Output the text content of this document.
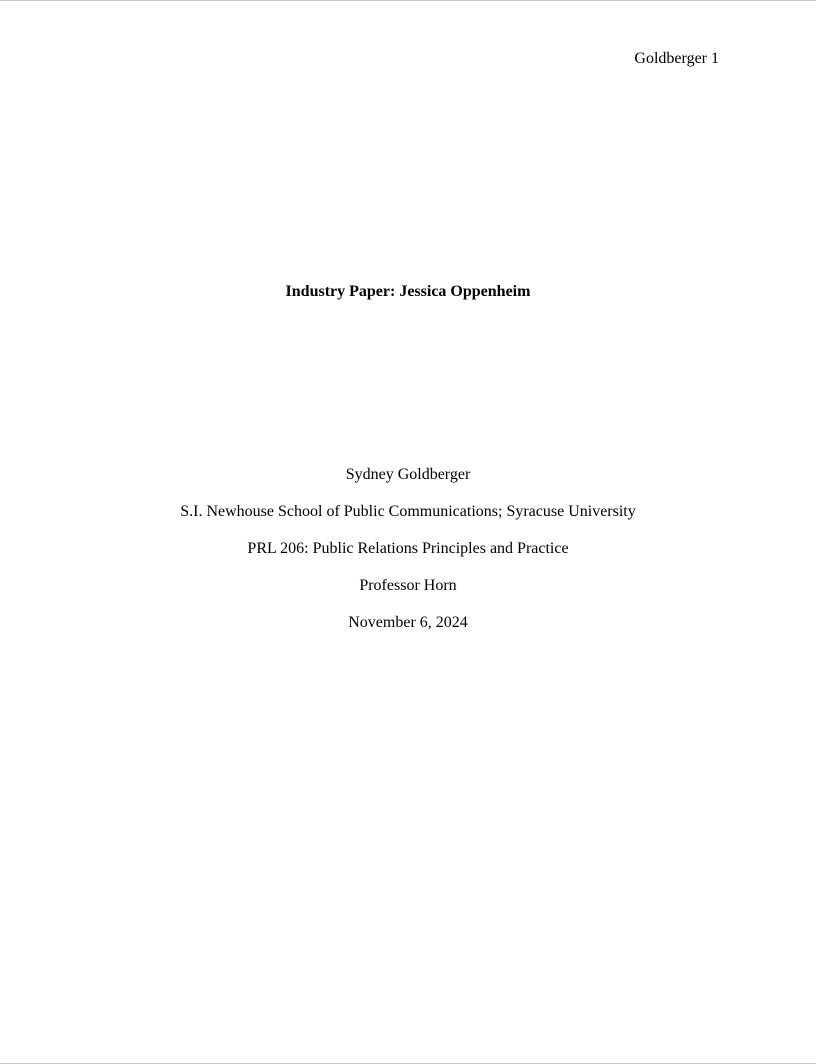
Goldberger 1
Industry Paper: Jessica Oppenheim
Sydney Goldberger
S.I. Newhouse School of Public Communications; Syracuse University
PRL 206: Public Relations Principles and Practice
Professor Horn
November 6, 2024
